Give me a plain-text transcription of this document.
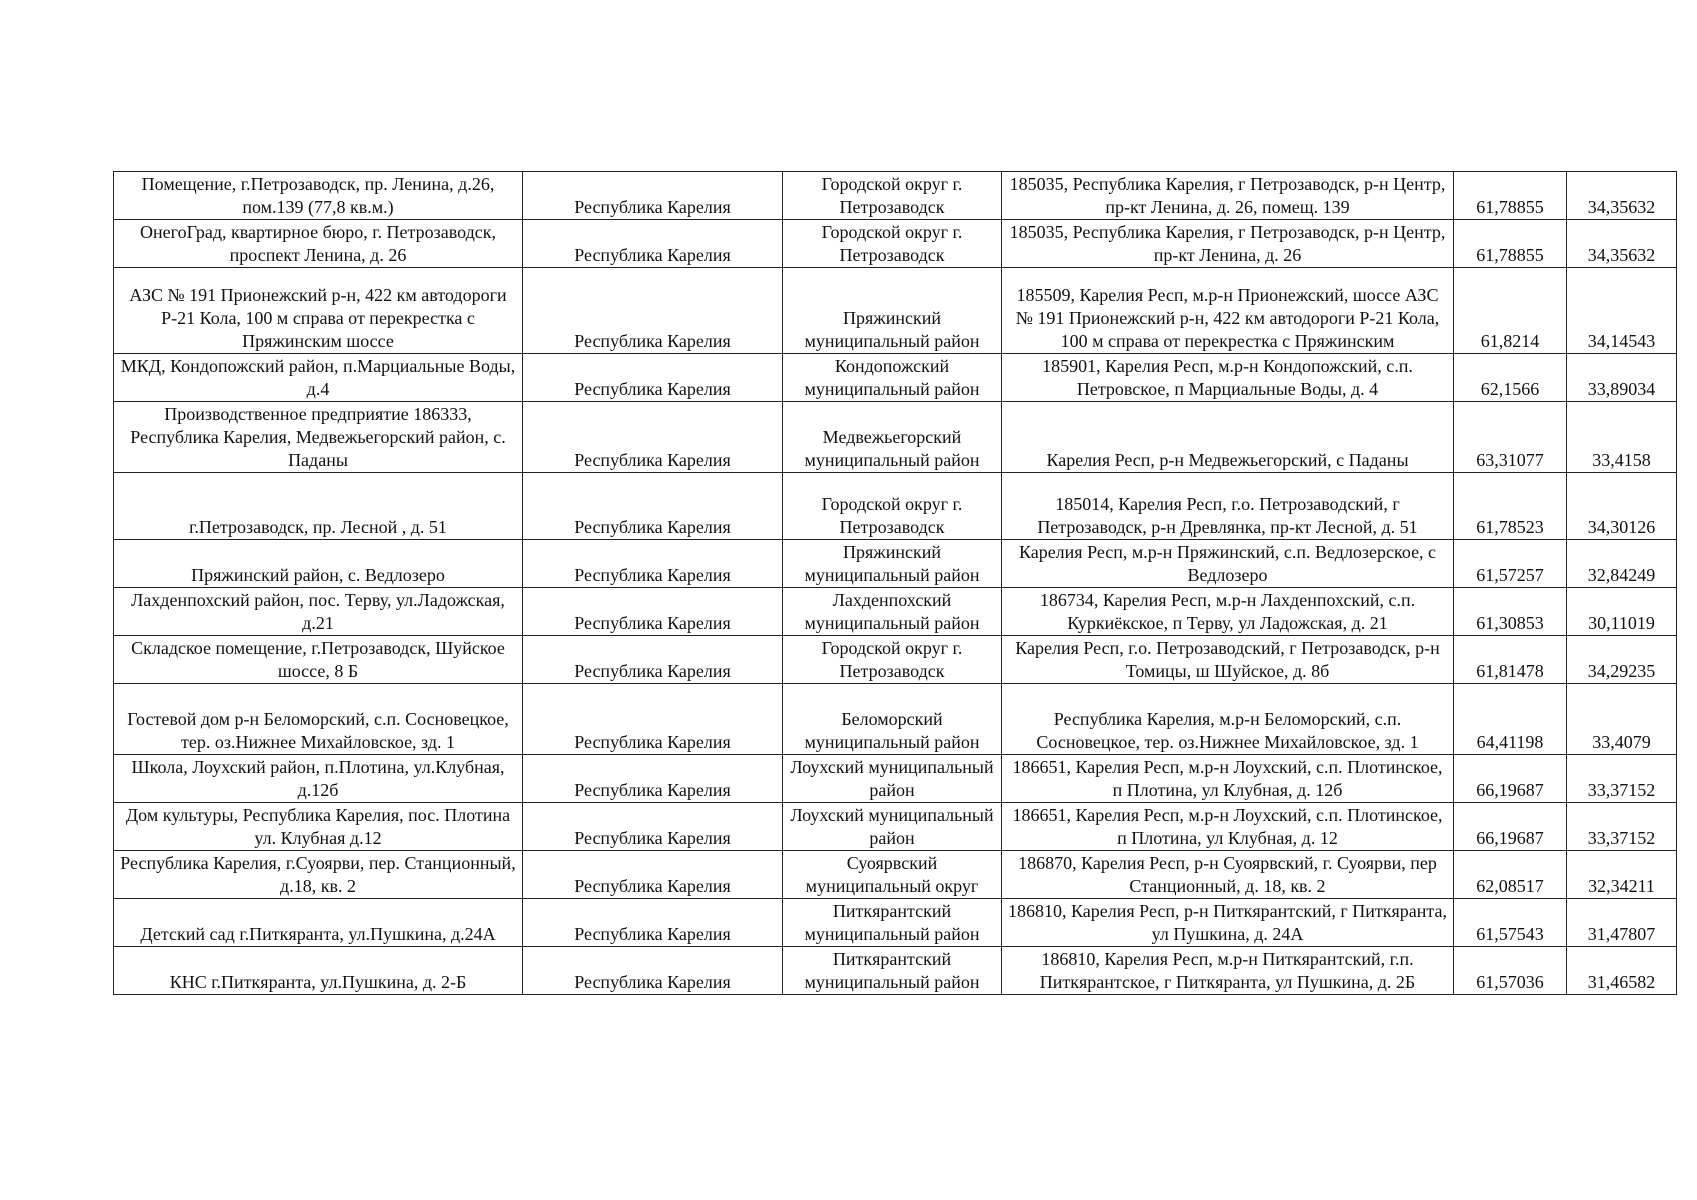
Помещение, г.Петрозаводск, пр. Ленина, д.26, пом.139 (77,8 кв.м.)	Республика Карелия	Городской округ г. Петрозаводск	185035, Республика Карелия, г Петрозаводск, р-н Центр, пр-кт Ленина, д. 26, помещ. 139	61,78855	34,35632

ОнегоГрад, квартирное бюро, г. Петрозаводск, проспект Ленина, д. 26	Республика Карелия	Городской округ г. Петрозаводск	185035, Республика Карелия, г Петрозаводск, р-н Центр, пр-кт Ленина, д. 26	61,78855	34,35632

АЗС № 191 Прионежский р-н, 422 км автодороги Р-21 Кола, 100 м справа от перекрестка с Пряжинским шоссе	Республика Карелия	Пряжинский муниципальный район	185509, Карелия Респ, м.р-н Прионежский, шоссе АЗС № 191 Прионежский р-н, 422 км автодороги Р-21 Кола, 100 м справа от перекрестка с Пряжинским	61,8214	34,14543

МКД, Кондопожский район, п.Марциальные Воды, д.4	Республика Карелия	Кондопожский муниципальный район	185901, Карелия Респ, м.р-н Кондопожский, с.п. Петровское, п Марциальные Воды, д. 4	62,1566	33,89034

Производственное предприятие 186333, Республика Карелия, Медвежьегорский район, с. Паданы	Республика Карелия	Медвежьегорский муниципальный район	Карелия Респ, р-н Медвежьегорский, с Паданы	63,31077	33,4158

г.Петрозаводск, пр. Лесной , д. 51	Республика Карелия	Городской округ г. Петрозаводск	185014, Карелия Респ, г.о. Петрозаводский, г Петрозаводск, р-н Древлянка, пр-кт Лесной, д. 51	61,78523	34,30126

Пряжинский район, с. Ведлозеро	Республика Карелия	Пряжинский муниципальный район	Карелия Респ, м.р-н Пряжинский, с.п. Ведлозерское, с Ведлозеро	61,57257	32,84249

Лахденпохский район, пос. Терву, ул.Ладожская, д.21	Республика Карелия	Лахденпохский муниципальный район	186734, Карелия Респ, м.р-н Лахденпохский, с.п. Куркиёкское, п Терву, ул Ладожская, д. 21	61,30853	30,11019

Складское помещение, г.Петрозаводск, Шуйское шоссе, 8 Б	Республика Карелия	Городской округ г. Петрозаводск	Карелия Респ, г.о. Петрозаводский, г Петрозаводск, р-н Томицы, ш Шуйское, д. 8б	61,81478	34,29235

Гостевой дом р-н Беломорский, с.п. Сосновецкое, тер. оз.Нижнее Михайловское, зд. 1	Республика Карелия	Беломорский муниципальный район	Республика Карелия, м.р-н Беломорский, с.п. Сосновецкое, тер. оз.Нижнее Михайловское, зд. 1	64,41198	33,4079

Школа, Лоухский район, п.Плотина, ул.Клубная, д.12б	Республика Карелия	Лоухский муниципальный район	186651, Карелия Респ, м.р-н Лоухский, с.п. Плотинское, п Плотина, ул Клубная, д. 12б	66,19687	33,37152

Дом культуры, Республика Карелия, пос. Плотина ул. Клубная д.12	Республика Карелия	Лоухский муниципальный район	186651, Карелия Респ, м.р-н Лоухский, с.п. Плотинское, п Плотина, ул Клубная, д. 12	66,19687	33,37152

Республика Карелия, г.Суоярви, пер. Станционный, д.18, кв. 2	Республика Карелия	Суоярвский муниципальный округ	186870, Карелия Респ, р-н Суоярвский, г. Суоярви, пер Станционный, д. 18, кв. 2	62,08517	32,34211

Детский сад г.Питкяранта, ул.Пушкина, д.24А	Республика Карелия	Питкярантский муниципальный район	186810, Карелия Респ, р-н Питкярантский, г Питкяранта, ул Пушкина, д. 24А	61,57543	31,47807

КНС г.Питкяранта, ул.Пушкина, д. 2-Б	Республика Карелия	Питкярантский муниципальный район	186810, Карелия Респ, м.р-н Питкярантский, г.п. Питкярантское, г Питкяранта, ул Пушкина, д. 2Б	61,57036	31,46582
